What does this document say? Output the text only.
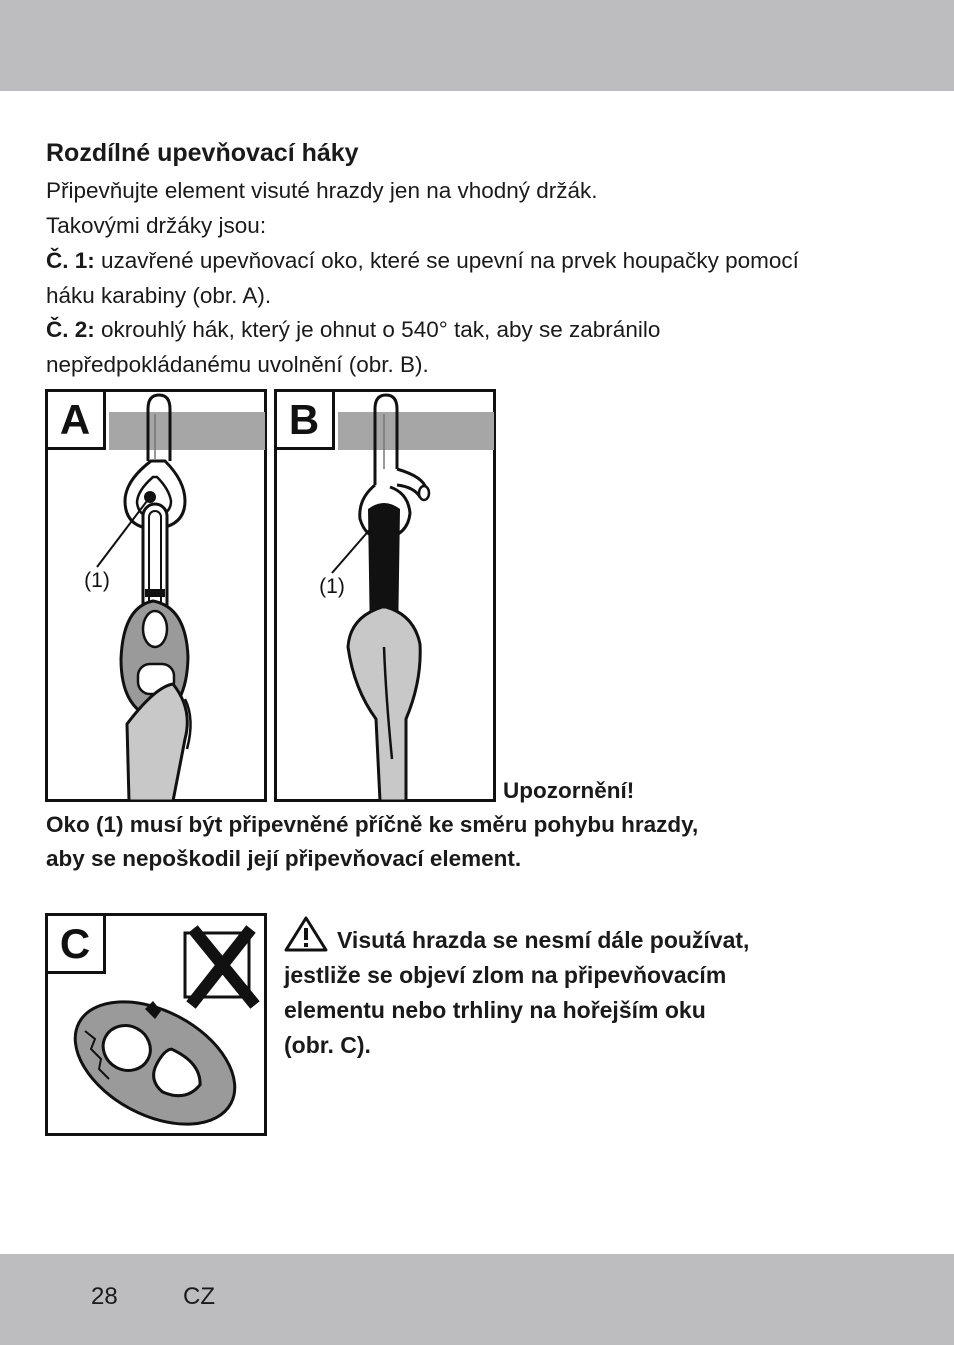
Rozdílné upevňovací háky
Připevňujte element visuté hrazdy jen na vhodný držák.
Takovými držáky jsou:
Č. 1: uzavřené upevňovací oko, které se upevní na prvek houpačky pomocí
háku karabiny (obr. A).
Č. 2: okrouhlý hák, který je ohnut o 540° tak, aby se zabránilo
nepředpokládanému uvolnění (obr. B).
A
(1)
B
(1)
Upozornění!
Oko (1) musí být připevněné příčně ke směru pohybu hrazdy,
aby se nepoškodil její připevňovací element.
C	Visutá hrazda se nesmí dále používat,
jestliže se objeví zlom na připevňovacím
elementu nebo trhliny na hořejším oku
(obr. C).
28	CZ
